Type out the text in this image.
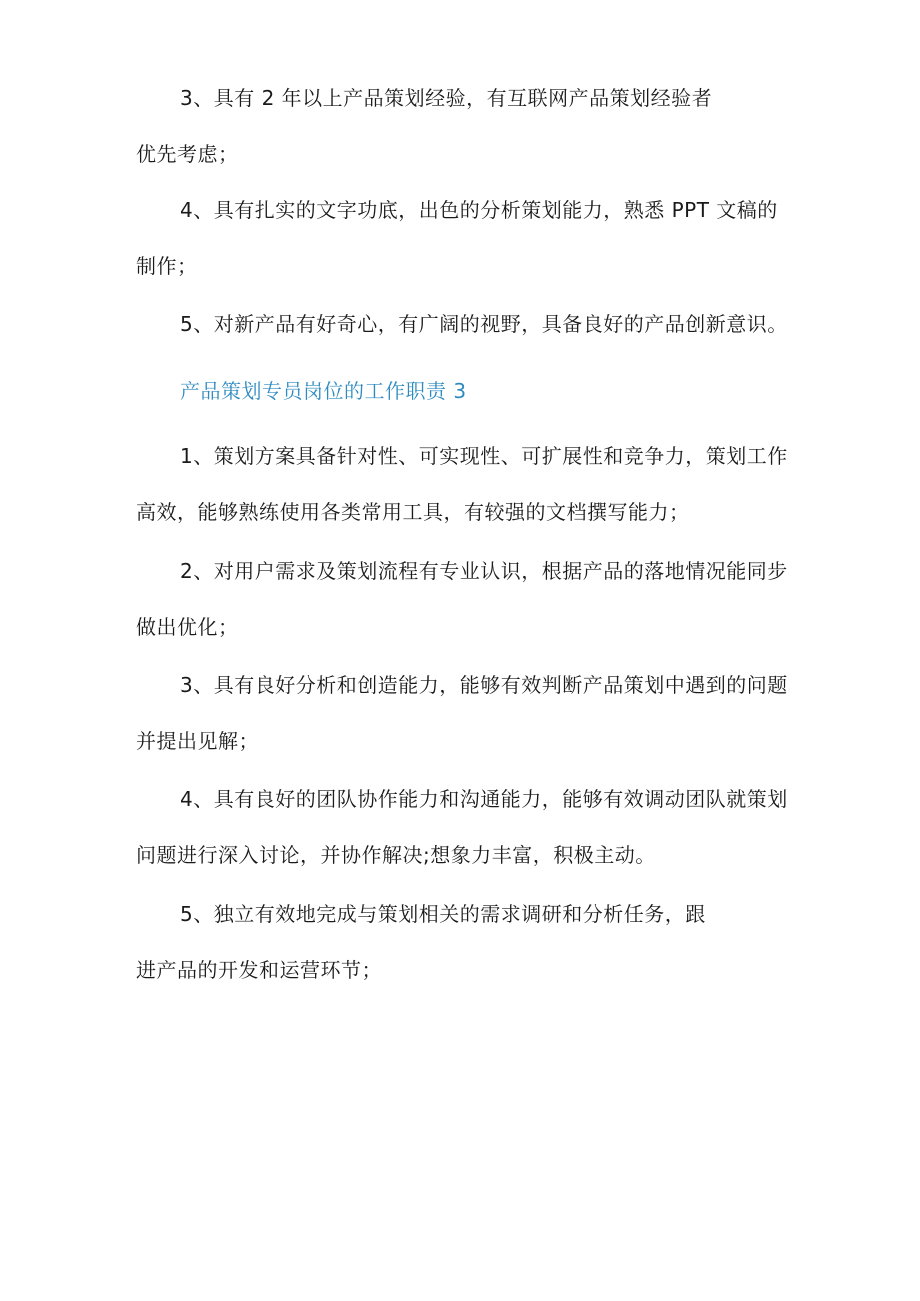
3、具有 2 年以上产品策划经验，有互联网产品策划经验者
优先考虑；

4、具有扎实的文字功底，出色的分析策划能力，熟悉 PPT 文稿的制作；

5、对新产品有好奇心，有广阔的视野，具备良好的产品创新意识。

产品策划专员岗位的工作职责 3

1、策划方案具备针对性、可实现性、可扩展性和竞争力，策划工作高效，能够熟练使用各类常用工具，有较强的文档撰写能力；

2、对用户需求及策划流程有专业认识，根据产品的落地情况能同步做出优化；

3、具有良好分析和创造能力，能够有效判断产品策划中遇到的问题并提出见解；

4、具有良好的团队协作能力和沟通能力，能够有效调动团队就策划问题进行深入讨论，并协作解决;想象力丰富，积极主动。

5、独立有效地完成与策划相关的需求调研和分析任务，跟
进产品的开发和运营环节；
